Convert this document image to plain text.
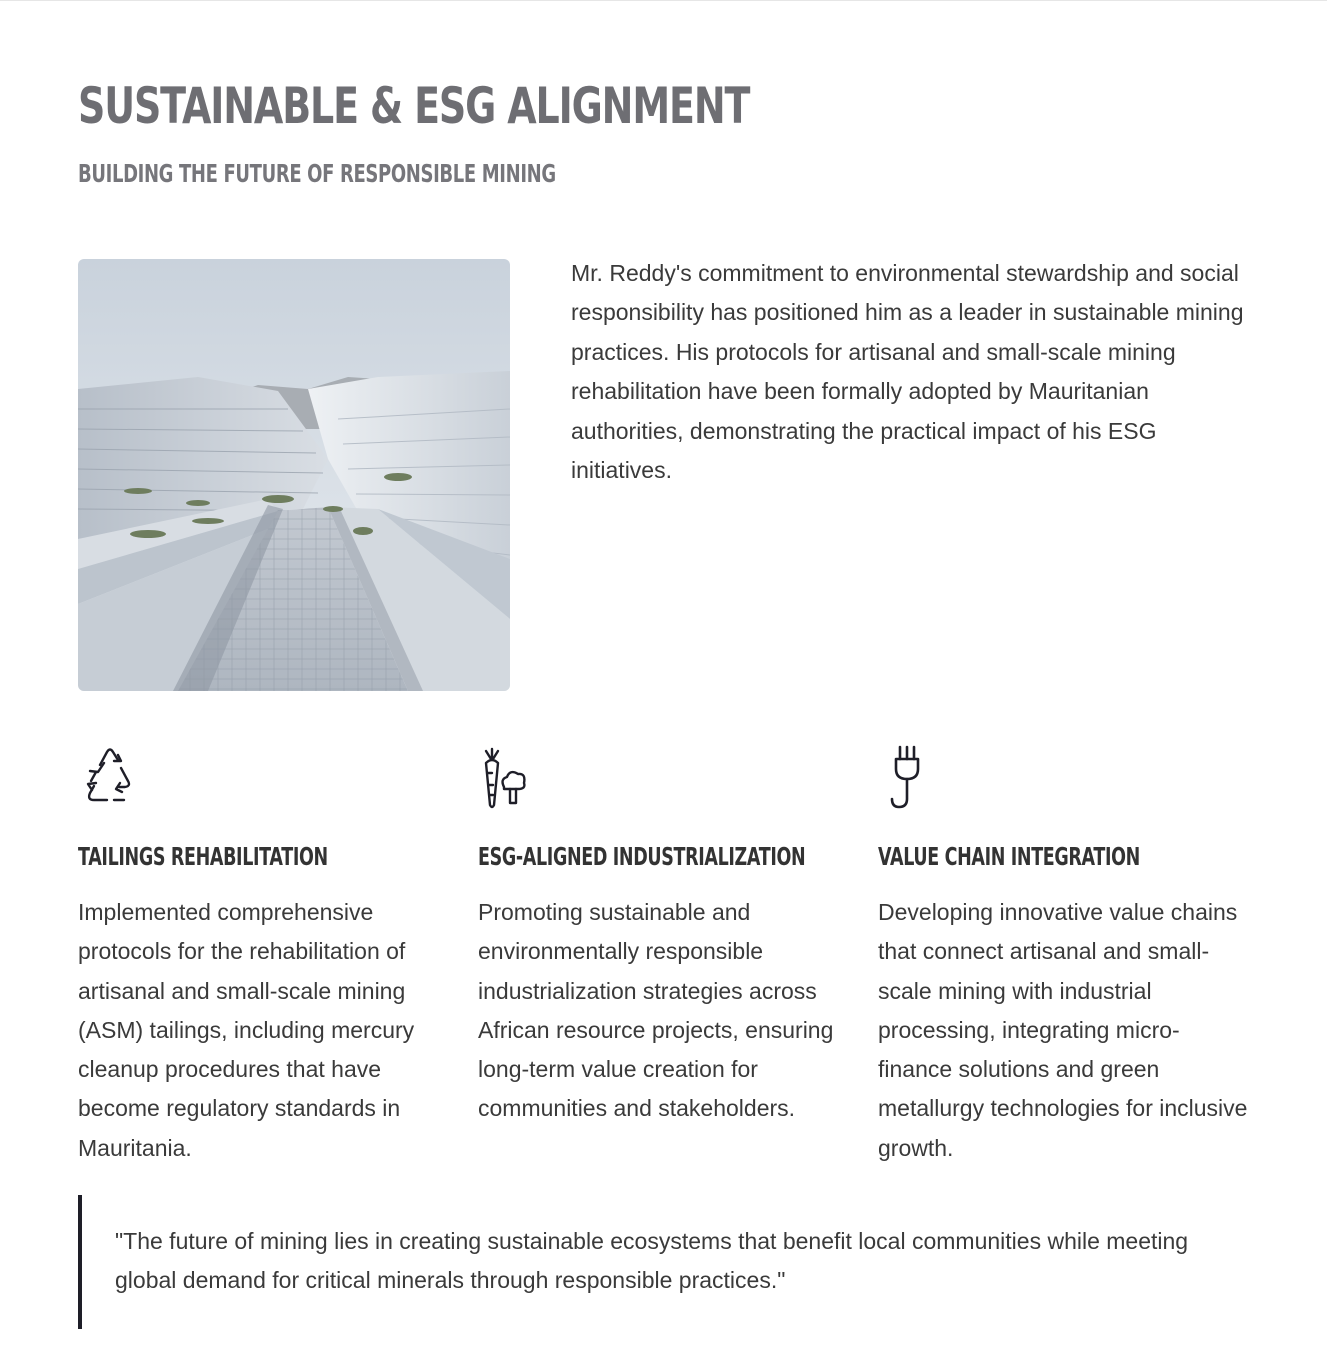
SUSTAINABLE & ESG ALIGNMENT
BUILDING THE FUTURE OF RESPONSIBLE MINING

Mr. Reddy's commitment to environmental stewardship and social responsibility has positioned him as a leader in sustainable mining practices. His protocols for artisanal and small-scale mining rehabilitation have been formally adopted by Mauritanian authorities, demonstrating the practical impact of his ESG initiatives.

TAILINGS REHABILITATION

Implemented comprehensive protocols for the rehabilitation of artisanal and small-scale mining (ASM) tailings, including mercury cleanup procedures that have become regulatory standards in Mauritania.

ESG-ALIGNED INDUSTRIALIZATION

Promoting sustainable and environmentally responsible industrialization strategies across African resource projects, ensuring long-term value creation for communities and stakeholders.

VALUE CHAIN INTEGRATION

Developing innovative value chains that connect artisanal and small-scale mining with industrial processing, integrating micro-finance solutions and green metallurgy technologies for inclusive growth.

"The future of mining lies in creating sustainable ecosystems that benefit local communities while meeting global demand for critical minerals through responsible practices."
